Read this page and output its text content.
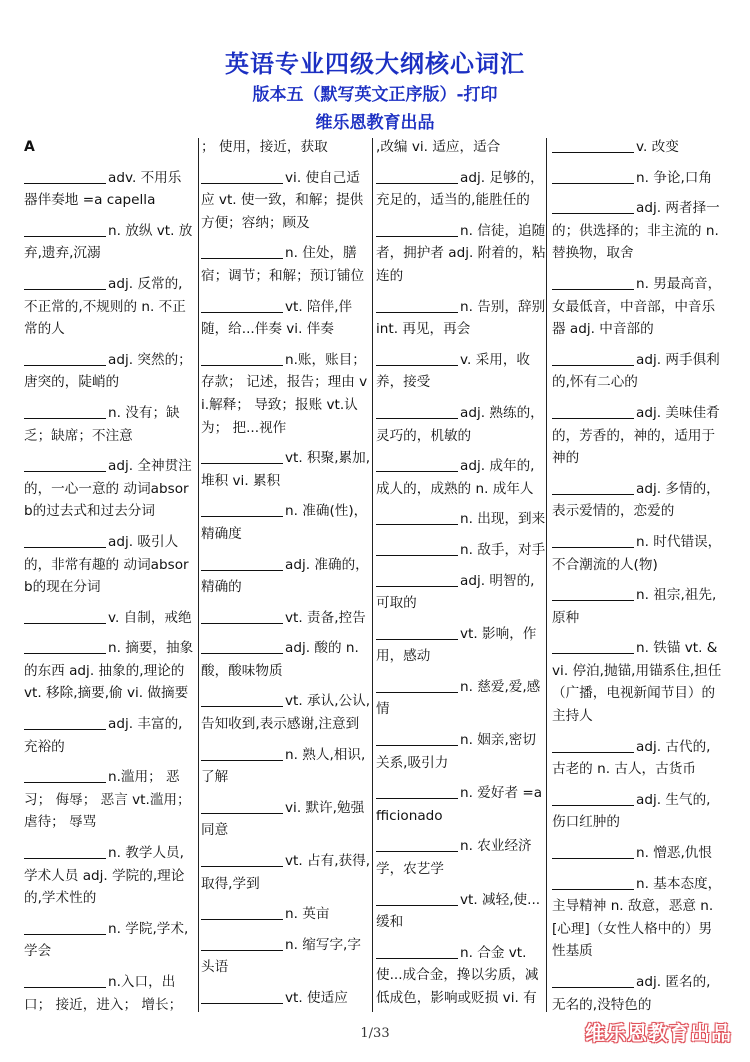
英语专业四级大纲核心词汇
版本五（默写英文正序版）-打印
维乐恩教育出品
A
adv. 不用乐器伴奏地 =a capella
n. 放纵 vt. 放弃,遗弃,沉溺
adj. 反常的,不正常的,不规则的 n. 不正常的人
adj. 突然的；唐突的，陡峭的
n. 没有；缺乏；缺席；不注意
adj. 全神贯注的，一心一意的 动词absorb的过去式和过去分词
adj. 吸引人的，非常有趣的 动词absorb的现在分词
v. 自制，戒绝
n. 摘要，抽象的东西 adj. 抽象的,理论的 vt. 移除,摘要,偷 vi. 做摘要
adj. 丰富的,充裕的
n.滥用； 恶习； 侮辱； 恶言 vt.滥用； 虐待； 辱骂
n. 教学人员,学术人员 adj. 学院的,理论的,学术性的
n. 学院,学术,学会
n.入口，出口； 接近，进入； 增长；
； 使用，接近，获取
vi. 使自己适应 vt. 使一致，和解；提供方便；容纳；顾及
n. 住处，膳宿；调节；和解；预订铺位
vt. 陪伴,伴随，给...伴奏 vi. 伴奏
n.账，账目； 存款； 记述，报告；理由 vi.解释； 导致；报账 vt.认为； 把...视作
vt. 积聚,累加,堆积 vi. 累积
n. 准确(性)，精确度
adj. 准确的，精确的
vt. 责备,控告
adj. 酸的 n. 酸，酸味物质
vt. 承认,公认,告知收到,表示感谢,注意到
n. 熟人,相识,了解
vi. 默许,勉强同意
vt. 占有,获得,取得,学到
n. 英亩
n. 缩写字,字头语
vt. 使适应
,改编 vi. 适应，适合
adj. 足够的，充足的，适当的,能胜任的
n. 信徒，追随者，拥护者 adj. 附着的，粘连的
n. 告别，辞别 int. 再见，再会
v. 采用，收养，接受
adj. 熟练的，灵巧的，机敏的
adj. 成年的,成人的，成熟的 n. 成年人
n. 出现，到来
n. 敌手，对手
adj. 明智的,可取的
vt. 影响，作用，感动
n. 慈爱,爱,感情
n. 姻亲,密切关系,吸引力
n. 爱好者 =afficionado
n. 农业经济学，农艺学
vt. 减轻,使...缓和
n. 合金 vt. 使...成合金，搀以劣质，减低成色，影响或贬损 vi. 有
v. 改变
n. 争论,口角
adj. 两者择一的；供选择的；非主流的 n. 替换物，取舍
n. 男最高音，女最低音，中音部，中音乐器 adj. 中音部的
adj. 两手俱利的,怀有二心的
adj. 美味佳肴的，芳香的，神的，适用于神的
adj. 多情的，表示爱情的，恋爱的
n. 时代错误，不合潮流的人(物)
n. 祖宗,祖先,原种
n. 铁锚 vt. &vi. 停泊,抛锚,用锚系住,担任（广播，电视新闻节目）的主持人
adj. 古代的,古老的 n. 古人，古货币
adj. 生气的,伤口红肿的
n. 憎恶,仇恨
n. 基本态度，主导精神 n. 敌意，恶意 n. [心理]（女性人格中的）男性基质
adj. 匿名的,无名的,没特色的
1/33	维乐恩教育出品
